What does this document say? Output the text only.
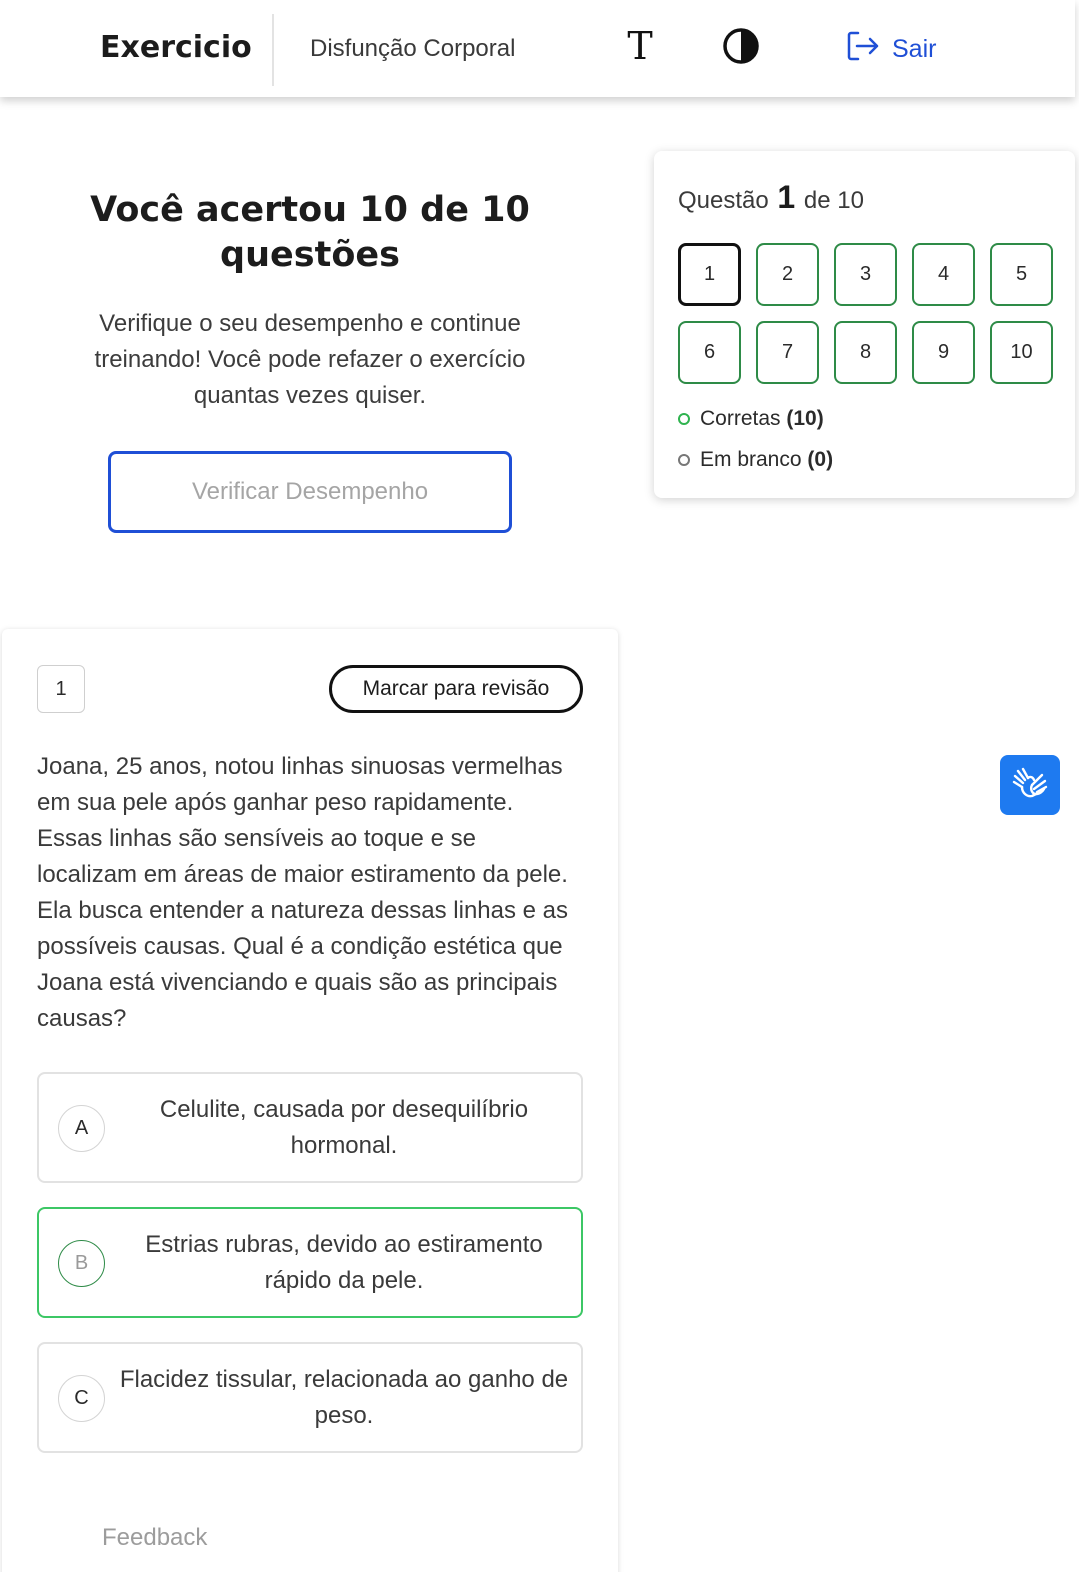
Exercicio Disfunção Corporal	T	Sair
Você acertou 10 de 10 questões
Verifique o seu desempenho e continue treinando! Você pode refazer o exercício quantas vezes quiser.
Verificar Desempenho
Questão 1 de 10
1	2	3	4	5
6	7	8	9	10
Corretas (10)
Em branco (0)
1	Marcar para revisão
Joana, 25 anos, notou linhas sinuosas vermelhas em sua pele após ganhar peso rapidamente. Essas linhas são sensíveis ao toque e se localizam em áreas de maior estiramento da pele. Ela busca entender a natureza dessas linhas e as possíveis causas. Qual é a condição estética que Joana está vivenciando e quais são as principais causas?
A
Celulite, causada por desequilíbrio hormonal.
B
Estrias rubras, devido ao estiramento rápido da pele.
C
Flacidez tissular, relacionada ao ganho de peso.
Feedback
